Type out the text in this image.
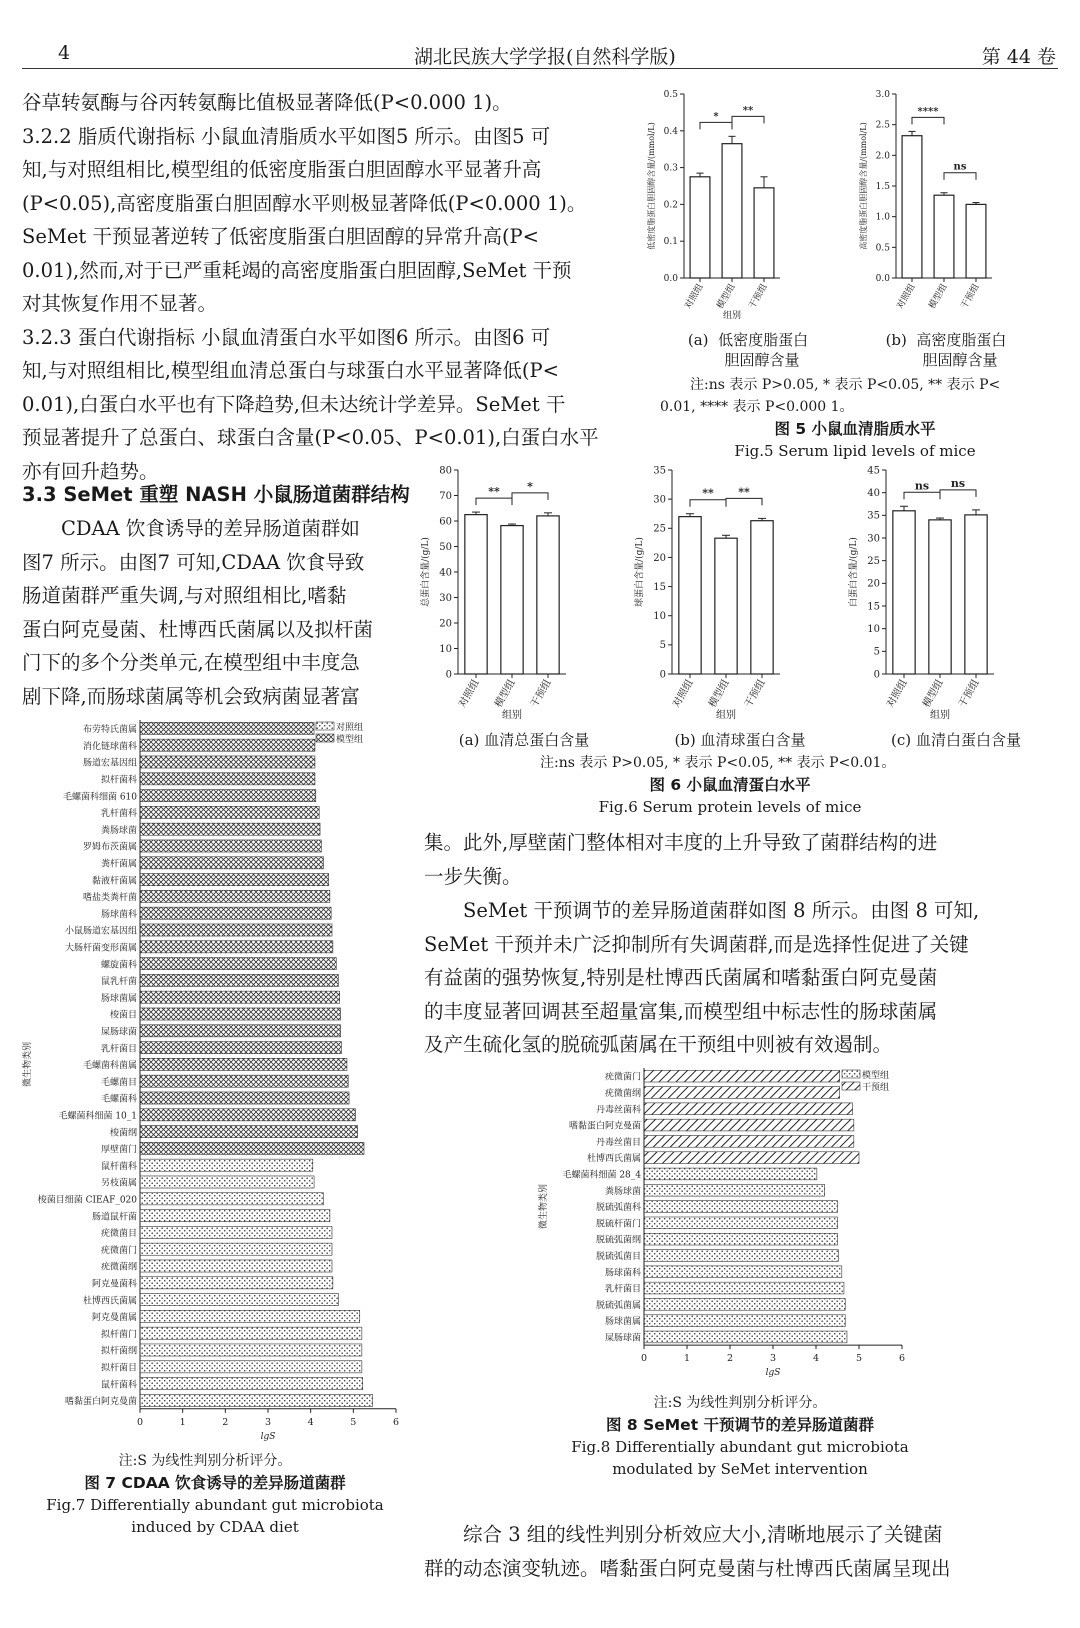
4	湖北民族大学学报(自然科学版)	第 44 卷

谷草转氨酶与谷丙转氨酶比值极显著降低(P<0.000 1)。

3.2.2 脂质代谢指标 小鼠血清脂质水平如图5 所示。由图5 可

知,与对照组相比,模型组的低密度脂蛋白胆固醇水平显著升高

(P<0.05),高密度脂蛋白胆固醇水平则极显著降低(P<0.000 1)。

SeMet 干预显著逆转了低密度脂蛋白胆固醇的异常升高(P<

0.01),然而,对于已严重耗竭的高密度脂蛋白胆固醇,SeMet 干预

对其恢复作用不显著。

3.2.3 蛋白代谢指标 小鼠血清蛋白水平如图6 所示。由图6 可

知,与对照组相比,模型组血清总蛋白与球蛋白水平显著降低(P<

0.01),白蛋白水平也有下降趋势,但未达统计学差异。SeMet 干

预显著提升了总蛋白、球蛋白含量(P<0.05、P<0.01),白蛋白水平

亦有回升趋势。

3.3 SeMet 重塑 NASH 小鼠肠道菌群结构

CDAA 饮食诱导的差异肠道菌群如

图7 所示。由图7 可知,CDAA 饮食导致

肠道菌群严重失调,与对照组相比,嗜黏

蛋白阿克曼菌、杜博西氏菌属以及拟杆菌

门下的多个分类单元,在模型组中丰度急

剧下降,而肠球菌属等机会致病菌显著富

集。此外,厚壁菌门整体相对丰度的上升导致了菌群结构的进

一步失衡。

SeMet 干预调节的差异肠道菌群如图 8 所示。由图 8 可知,

SeMet 干预并未广泛抑制所有失调菌群,而是选择性促进了关键

有益菌的强势恢复,特别是杜博西氏菌属和嗜黏蛋白阿克曼菌

的丰度显著回调甚至超量富集,而模型组中标志性的肠球菌属

及产生硫化氢的脱硫弧菌属在干预组中则被有效遏制。

综合 3 组的线性判别分析效应大小,清晰地展示了关键菌

群的动态演变轨迹。嗜黏蛋白阿克曼菌与杜博西氏菌属呈现出

0.0
0.1
0.2
0.3
0.4
0.5
低密度脂蛋白胆固醇含量/(mmol/L)
对照组 模型组 干预组
组别
*
**
0.0
0.5
1.0
1.5
2.0
2.5
3.0
高密度脂蛋白胆固醇含量/(mmol/L)
对照组 模型组 干预组
****
ns
(a) 低密度脂蛋白
胆固醇含量
(b) 高密度脂蛋白
胆固醇含量
注:ns 表示 P>0.05, * 表示 P<0.05, ** 表示 P<
0.01, **** 表示 P<0.000 1。
图 5 小鼠血清脂质水平
Fig.5 Serum lipid levels of mice
0
10
20
30
40
50
60
70
80
总蛋白含量/(g/L)
对照组 模型组 干预组
组别
** *
0
5
10
15
20
25
30
35
球蛋白含量/(g/L)
对照组 模型组 干预组
组别
** **
0
5
10
15
20
25
30
35
40
45
白蛋白含量/(g/L)
对照组 模型组 干预组
组别
ns ns
(a) 血清总蛋白含量	(b) 血清球蛋白含量	(c) 血清白蛋白含量
注:ns 表示 P>0.05, * 表示 P<0.05, ** 表示 P<0.01。
图 6 小鼠血清蛋白水平
Fig.6 Serum protein levels of mice
布劳特氏菌属
消化链球菌科
肠道宏基因组
拟杆菌科
毛螺菌科细菌 610
乳杆菌科
粪肠球菌
罗姆布茨菌属
粪杆菌属
黏液杆菌属
嗜盐类粪杆菌
肠球菌科
小鼠肠道宏基因组
大肠杆菌变形菌属
螺旋菌科
鼠乳杆菌
肠球菌属
梭菌目
屎肠球菌
乳杆菌目
毛螺菌科菌属
毛螺菌目
毛螺菌科
毛螺菌科细菌 10_1
梭菌纲
厚壁菌门
鼠杆菌科
另枝菌属
梭菌目细菌 CIEAF_020
肠道鼠杆菌
疣微菌目
疣微菌门
疣微菌纲
阿克曼菌科
杜博西氏菌属
阿克曼菌属
拟杆菌门
拟杆菌纲
拟杆菌目
鼠杆菌科
嗜黏蛋白阿克曼菌
0	1	2	3	4	5	6
lgS
微生物类别
对照组
模型组
注:S 为线性判别分析评分。
图 7 CDAA 饮食诱导的差异肠道菌群
Fig.7 Differentially abundant gut microbiota
induced by CDAA diet
疣微菌门
疣微菌纲
丹毒丝菌科
嗜黏蛋白阿克曼菌
丹毒丝菌目
杜博西氏菌属
毛螺菌科细菌 28_4
粪肠球菌
脱硫弧菌科
脱硫杆菌门
脱硫弧菌纲
脱硫弧菌目
肠球菌科
乳杆菌目
脱硫弧菌属
肠球菌属
屎肠球菌
0	1	2	3	4	5	6
lgS
微生物类别
模型组
干预组
注:S 为线性判别分析评分。
图 8 SeMet 干预调节的差异肠道菌群
Fig.8 Differentially abundant gut microbiota
modulated by SeMet intervention
